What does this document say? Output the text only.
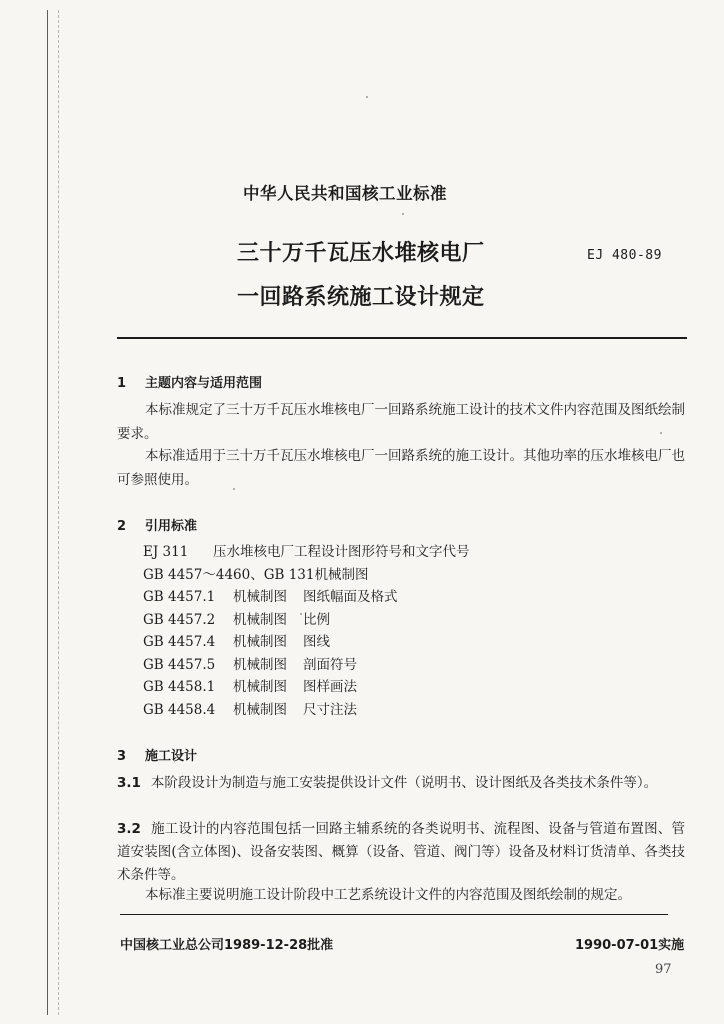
中华人民共和国核工业标准
三十万千瓦压水堆核电厂
一回路系统施工设计规定
EJ 480-89
1 主题内容与适用范围
本标准规定了三十万千瓦压水堆核电厂一回路系统施工设计的技术文件内容范围及图纸绘制要求。
本标准适用于三十万千瓦压水堆核电厂一回路系统的施工设计。其他功率的压水堆核电厂也可参照使用。
2 引用标准
EJ 311 压水堆核电厂工程设计图形符号和文字代号
GB 4457～4460、GB 131机械制图
GB 4457.1 机械制图 图纸幅面及格式
GB 4457.2 机械制图 比例
GB 4457.4 机械制图 图线
GB 4457.5 机械制图 剖面符号
GB 4458.1 机械制图 图样画法
GB 4458.4 机械制图 尺寸注法
3 施工设计
3.1 本阶段设计为制造与施工安装提供设计文件（说明书、设计图纸及各类技术条件等）。
3.2 施工设计的内容范围包括一回路主辅系统的各类说明书、流程图、设备与管道布置图、管道安装图(含立体图)、设备安装图、概算（设备、管道、阀门等）设备及材料订货清单、各类技术条件等。
本标准主要说明施工设计阶段中工艺系统设计文件的内容范围及图纸绘制的规定。
中国核工业总公司1989-12-28批准	1990-07-01实施
97
